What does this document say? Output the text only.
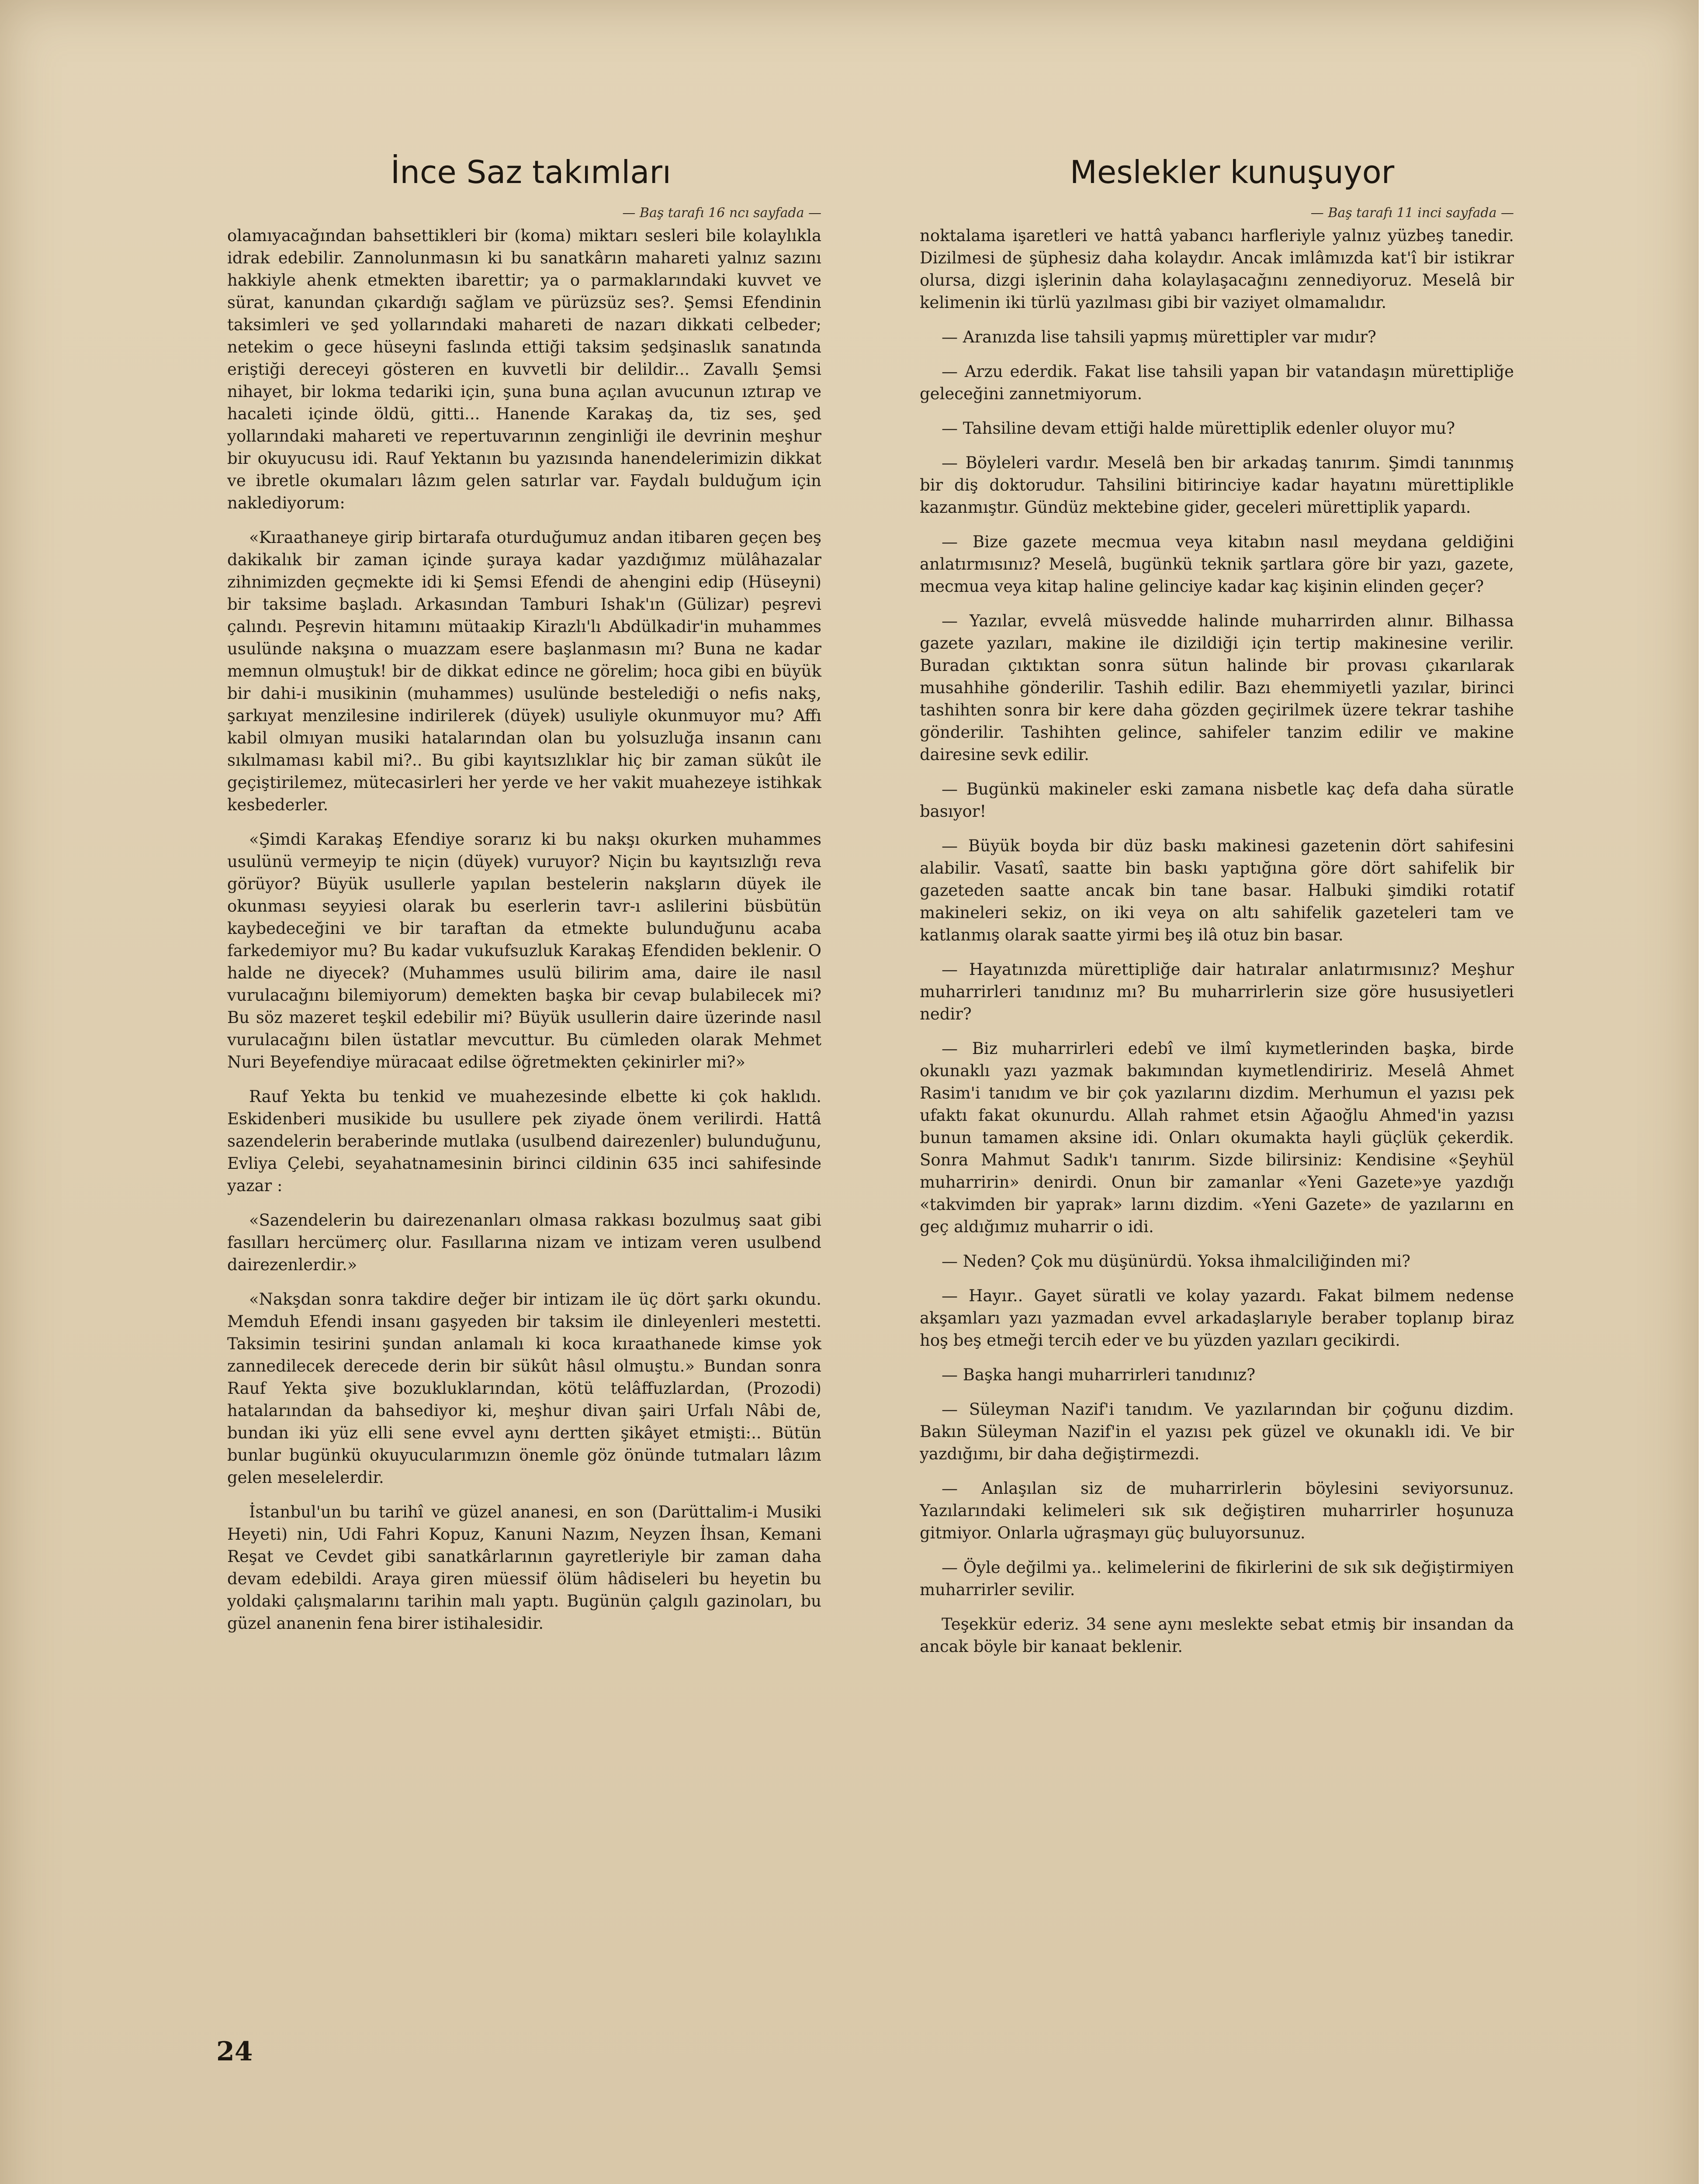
İnce Saz takımları

— Baş tarafı 16 ncı sayfada —

olamıyacağından bahsettikleri bir (koma) miktarı sesleri bile kolaylıkla idrak edebilir. Zannolunmasın ki bu sanatkârın mahareti yalnız sazını hakkiyle ahenk etmekten ibarettir; ya o parmaklarındaki kuvvet ve sürat, kanundan çıkardığı sağlam ve pürüzsüz ses?. Şemsi Efendinin taksimleri ve şed yollarındaki mahareti de nazarı dikkati celbeder; netekim o gece hüseyni faslında ettiği taksim şedşinaslık sanatında eriştiği dereceyi gösteren en kuvvetli bir delildir... Zavallı Şemsi nihayet, bir lokma tedariki için, şuna buna açılan avucunun ıztırap ve hacaleti içinde öldü, gitti... Hanende Karakaş da, tiz ses, şed yollarındaki mahareti ve repertuvarının zenginliği ile devrinin meşhur bir okuyucusu idi. Rauf Yektanın bu yazısında hanendelerimizin dikkat ve ibretle okumaları lâzım gelen satırlar var. Faydalı bulduğum için naklediyorum:

«Kıraathaneye girip birtarafa oturduğumuz andan itibaren geçen beş dakikalık bir zaman içinde şuraya kadar yazdığımız mülâhazalar zihnimizden geçmekte idi ki Şemsi Efendi de ahengini edip (Hüseyni) bir taksime başladı. Arkasından Tamburi Ishak'ın (Gülizar) peşrevi çalındı. Peşrevin hitamını mütaakip Kirazlı'lı Abdülkadir'in muhammes usulünde nakşına o muazzam esere başlanmasın mı? Buna ne kadar memnun olmuştuk! bir de dikkat edince ne görelim; hoca gibi en büyük bir dahi-i musikinin (muhammes) usulünde bestelediği o nefis nakş, şarkıyat menzilesine indirilerek (düyek) usuliyle okunmuyor mu? Affı kabil olmıyan musiki hatalarından olan bu yolsuzluğa insanın canı sıkılmaması kabil mi?.. Bu gibi kayıtsızlıklar hiç bir zaman sükût ile geçiştirilemez, mütecasirleri her yerde ve her vakit muahezeye istihkak kesbederler.

«Şimdi Karakaş Efendiye sorarız ki bu nakşı okurken muhammes usulünü vermeyip te niçin (düyek) vuruyor? Niçin bu kayıtsızlığı reva görüyor? Büyük usullerle yapılan bestelerin nakşların düyek ile okunması seyyiesi olarak bu eserlerin tavr-ı aslilerini büsbütün kaybedeceğini ve bir taraftan da etmekte bulunduğunu acaba farkedemiyor mu? Bu kadar vukufsuzluk Karakaş Efendiden beklenir. O halde ne diyecek? (Muhammes usulü bilirim ama, daire ile nasıl vurulacağını bilemiyorum) demekten başka bir cevap bulabilecek mi? Bu söz mazeret teşkil edebilir mi? Büyük usullerin daire üzerinde nasıl vurulacağını bilen üstatlar mevcuttur. Bu cümleden olarak Mehmet Nuri Beyefendiye müracaat edilse öğretmekten çekinirler mi?»

Rauf Yekta bu tenkid ve muahezesinde elbette ki çok haklıdı. Eskidenberi musikide bu usullere pek ziyade önem verilirdi. Hattâ sazendelerin beraberinde mutlaka (usulbend dairezenler) bulunduğunu, Evliya Çelebi, seyahatnamesinin birinci cildinin 635 inci sahifesinde yazar :

«Sazendelerin bu dairezenanları olmasa rakkası bozulmuş saat gibi fasılları hercümerç olur. Fasıllarına nizam ve intizam veren usulbend dairezenlerdir.»

«Nakşdan sonra takdire değer bir intizam ile üç dört şarkı okundu. Memduh Efendi insanı gaşyeden bir taksim ile dinleyenleri mestetti. Taksimin tesirini şundan anlamalı ki koca kıraathanede kimse yok zannedilecek derecede derin bir sükût hâsıl olmuştu.» Bundan sonra Rauf Yekta şive bozukluklarından, kötü telâffuzlardan, (Prozodi) hatalarından da bahsediyor ki, meşhur divan şairi Urfalı Nâbi de, bundan iki yüz elli sene evvel aynı dertten şikâyet etmişti:.. Bütün bunlar bugünkü okuyucularımızın önemle göz önünde tutmaları lâzım gelen meselelerdir.

İstanbul'un bu tarihî ve güzel ananesi, en son (Darüttalim-i Musiki Heyeti) nin, Udi Fahri Kopuz, Kanuni Nazım, Neyzen İhsan, Kemani Reşat ve Cevdet gibi sanatkârlarının gayretleriyle bir zaman daha devam edebildi. Araya giren müessif ölüm hâdiseleri bu heyetin bu yoldaki çalışmalarını tarihin malı yaptı. Bugünün çalgılı gazinoları, bu güzel ananenin fena birer istihalesidir.

Meslekler kunuşuyor

— Baş tarafı 11 inci sayfada —

noktalama işaretleri ve hattâ yabancı harfleriyle yalnız yüzbeş tanedir. Dizilmesi de şüphesiz daha kolaydır. Ancak imlâmızda kat'î bir istikrar olursa, dizgi işlerinin daha kolaylaşacağını zennediyoruz. Meselâ bir kelimenin iki türlü yazılması gibi bir vaziyet olmamalıdır.

— Aranızda lise tahsili yapmış mürettipler var mıdır?

— Arzu ederdik. Fakat lise tahsili yapan bir vatandaşın mürettipliğe geleceğini zannetmiyorum.

— Tahsiline devam ettiği halde mürettiplik edenler oluyor mu?

— Böyleleri vardır. Meselâ ben bir arkadaş tanırım. Şimdi tanınmış bir diş doktorudur. Tahsilini bitirinciye kadar hayatını mürettiplikle kazanmıştır. Gündüz mektebine gider, geceleri mürettiplik yapardı.

— Bize gazete mecmua veya kitabın nasıl meydana geldiğini anlatırmısınız? Meselâ, bugünkü teknik şartlara göre bir yazı, gazete, mecmua veya kitap haline gelinciye kadar kaç kişinin elinden geçer?

— Yazılar, evvelâ müsvedde halinde muharrirden alınır. Bilhassa gazete yazıları, makine ile dizildiği için tertip makinesine verilir. Buradan çıktıktan sonra sütun halinde bir provası çıkarılarak musahhihe gönderilir. Tashih edilir. Bazı ehemmiyetli yazılar, birinci tashihten sonra bir kere daha gözden geçirilmek üzere tekrar tashihe gönderilir. Tashihten gelince, sahifeler tanzim edilir ve makine dairesine sevk edilir.

— Bugünkü makineler eski zamana nisbetle kaç defa daha süratle basıyor!

— Büyük boyda bir düz baskı makinesi gazetenin dört sahifesini alabilir. Vasatî, saatte bin baskı yaptığına göre dört sahifelik bir gazeteden saatte ancak bin tane basar. Halbuki şimdiki rotatif makineleri sekiz, on iki veya on altı sahifelik gazeteleri tam ve katlanmış olarak saatte yirmi beş ilâ otuz bin basar.

— Hayatınızda mürettipliğe dair hatıralar anlatırmısınız? Meşhur muharrirleri tanıdınız mı? Bu muharrirlerin size göre hususiyetleri nedir?

— Biz muharrirleri edebî ve ilmî kıymetlerinden başka, birde okunaklı yazı yazmak bakımından kıymetlendiririz. Meselâ Ahmet Rasim'i tanıdım ve bir çok yazılarını dizdim. Merhumun el yazısı pek ufaktı fakat okunurdu. Allah rahmet etsin Ağaoğlu Ahmed'in yazısı bunun tamamen aksine idi. Onları okumakta hayli güçlük çekerdik. Sonra Mahmut Sadık'ı tanırım. Sizde bilirsiniz: Kendisine «Şeyhül muharririn» denirdi. Onun bir zamanlar «Yeni Gazete»ye yazdığı «takvimden bir yaprak» larını dizdim. «Yeni Gazete» de yazılarını en geç aldığımız muharrir o idi.

— Neden? Çok mu düşünürdü. Yoksa ihmalciliğinden mi?

— Hayır.. Gayet süratli ve kolay yazardı. Fakat bilmem nedense akşamları yazı yazmadan evvel arkadaşlarıyle beraber toplanıp biraz hoş beş etmeği tercih eder ve bu yüzden yazıları gecikirdi.

— Başka hangi muharrirleri tanıdınız?

— Süleyman Nazif'i tanıdım. Ve yazılarından bir çoğunu dizdim. Bakın Süleyman Nazif'in el yazısı pek güzel ve okunaklı idi. Ve bir yazdığımı, bir daha değiştirmezdi.

— Anlaşılan siz de muharrirlerin böylesini seviyorsunuz. Yazılarındaki kelimeleri sık sık değiştiren muharrirler hoşunuza gitmiyor. Onlarla uğraşmayı güç buluyorsunuz.

— Öyle değilmi ya.. kelimelerini de fikirlerini de sık sık değiştirmiyen muharrirler sevilir.

Teşekkür ederiz. 34 sene aynı meslekte sebat etmiş bir insandan da ancak böyle bir kanaat beklenir.

24
